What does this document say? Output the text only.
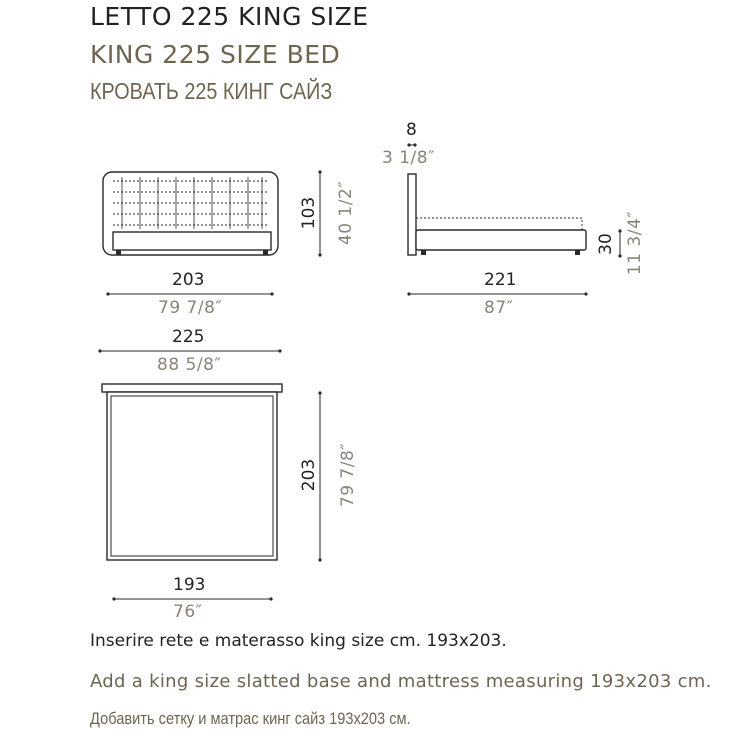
LETTO 225 KING SIZE
KING 225 SIZE BED
КРОВАТЬ 225 КИНГ САЙЗ
203
79 7/8″
103 40 1/2″
8
3 1/8″
221
87″
30 11 3/4″
225
88 5/8″
203 79 7/8″
193
76″
Inserire rete e materasso king size cm. 193x203.
Add a king size slatted base and mattress measuring 193x203 cm.
Добавить сетку и матрас кинг сайз 193x203 см.
